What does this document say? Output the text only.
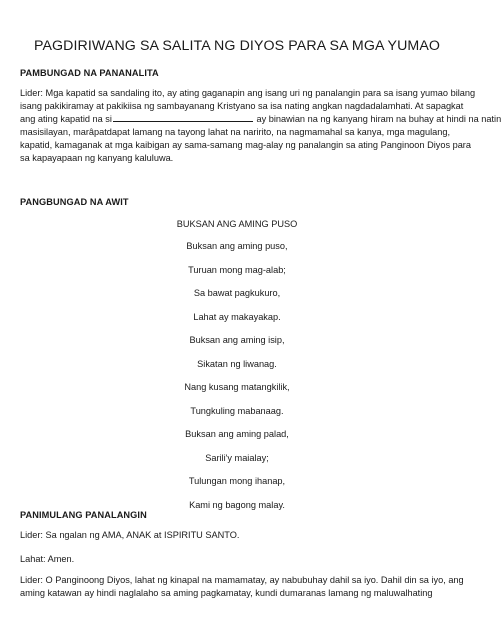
PAGDIRIWANG SA SALITA NG DIYOS PARA SA MGA YUMAO
PAMBUNGAD NA PANANALITA
Lider: Mga kapatid sa sandaling ito, ay ating gaganapin ang isang uri ng panalangin para sa isang yumao bilang
isang pakikiramay at pakikiisa ng sambayanang Kristyano sa isa nating angkan nagdadalamhati. At sapagkat
ang ating kapatid na si	ay binawian na ng kanyang hiram na buhay at hindi na natin
masisilayan, marâpatdapat lamang na tayong lahat na naririto, na nagmamahal sa kanya, mga magulang,
kapatid, kamaganak at mga kaibigan ay sama-samang mag-alay ng panalangin sa ating Panginoon Diyos para
sa kapayapaan ng kanyang kaluluwa.
PANGBUNGAD NA AWIT
BUKSAN ANG AMING PUSO
Buksan ang aming puso,
Turuan mong mag-alab;
Sa bawat pagkukuro,
Lahat ay makayakap.
Buksan ang aming isip,
Sikatan ng liwanag.
Nang kusang matangkilik,
Tungkuling mabanaag.
Buksan ang aming palad,
Sarili'y maialay;
Tulungan mong ihanap,
Kami ng bagong malay.
PANIMULANG PANALANGIN
Lider: Sa ngalan ng AMA, ANAK at ISPIRITU SANTO.
Lahat: Amen.
Lider: O Panginoong Diyos, lahat ng kinapal na mamamatay, ay nabubuhay dahil sa iyo. Dahil din sa iyo, ang
aming katawan ay hindi naglalaho sa aming pagkamatay, kundi dumaranas lamang ng maluwalhating
